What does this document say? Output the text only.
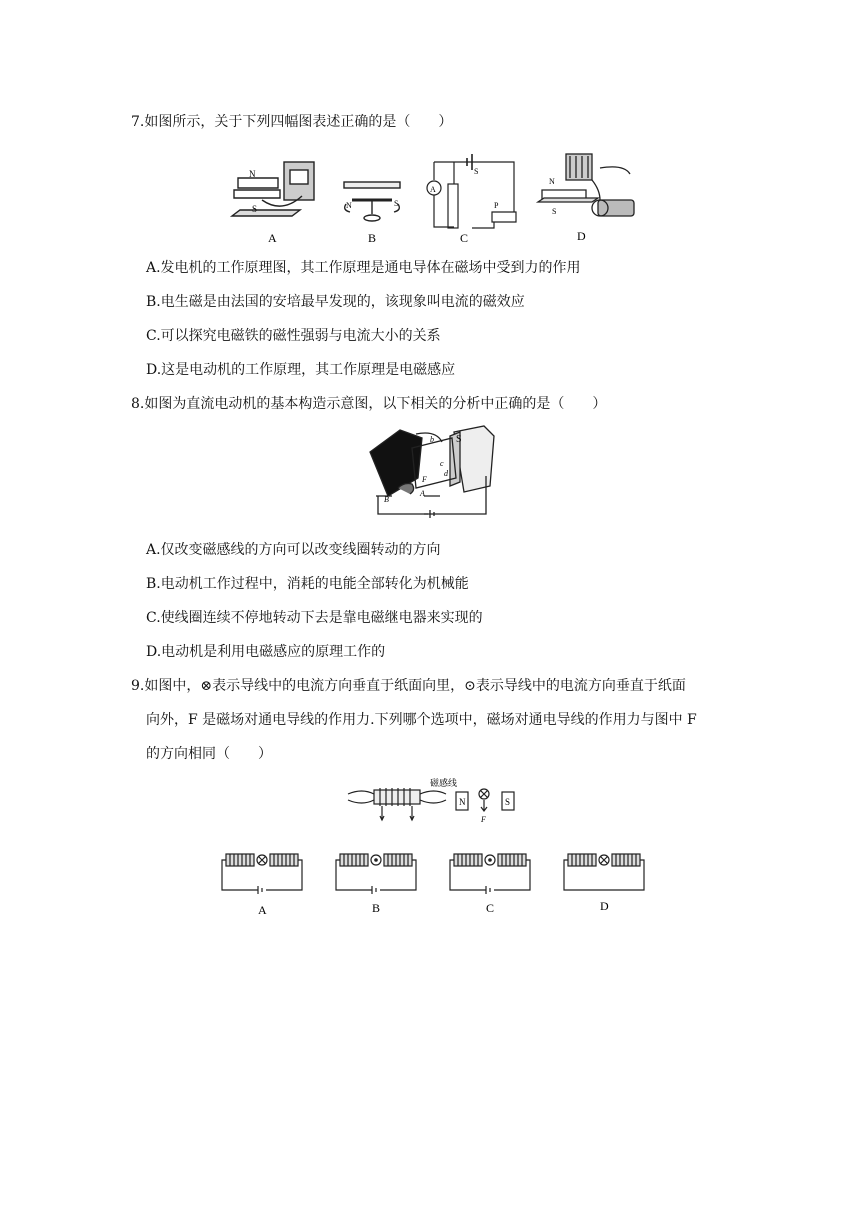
7.如图所示，关于下列四幅图表述正确的是（　　）
N
S	N	S
A
P
S
N
S
A	B	C	D
A.发电机的工作原理图，其工作原理是通电导体在磁场中受到力的作用
B.电生磁是由法国的安培最早发现的，该现象叫电流的磁效应
C.可以探究电磁铁的磁性强弱与电流大小的关系
D.这是电动机的工作原理，其工作原理是电磁感应
8.如图为直流电动机的基本构造示意图，以下相关的分析中正确的是（　　）
S
b
c
d
F
A
B
A.仅改变磁感线的方向可以改变线圈转动的方向
B.电动机工作过程中，消耗的电能全部转化为机械能
C.使线圈连续不停地转动下去是靠电磁继电器来实现的
D.电动机是利用电磁感应的原理工作的
9.如图中，⊗表示导线中的电流方向垂直于纸面向里，⊙表示导线中的电流方向垂直于纸面
向外，F 是磁场对通电导线的作用力.下列哪个选项中，磁场对通电导线的作用力与图中 F
的方向相同（　　）
磁感线
N	S
F
A	B	C	D
